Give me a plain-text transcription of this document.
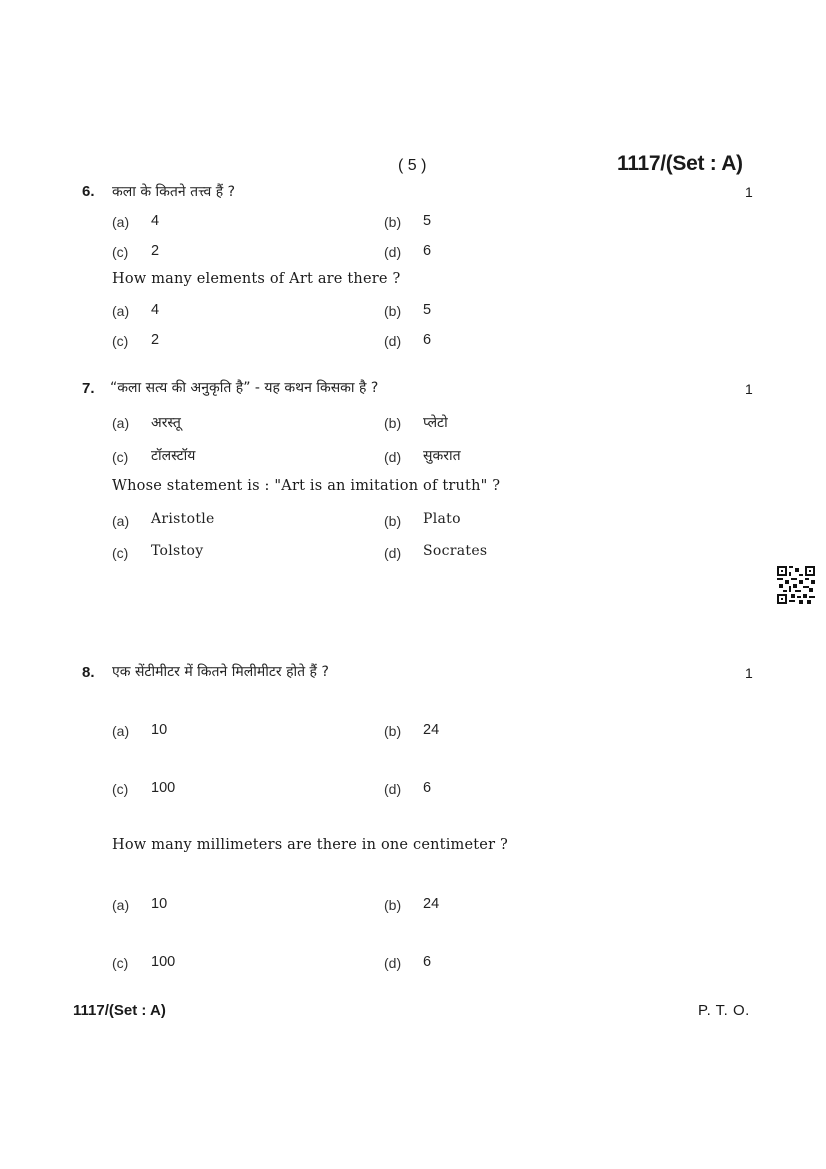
( 5 )	1117/(Set : A)
6. कला के कितने तत्त्व हैं ?	1
(a) 4	(b) 5
(c) 2	(d) 6
How many elements of Art are there ?
(a) 4	(b) 5
(c) 2	(d) 6
7. “कला सत्य की अनुकृति है” - यह कथन किसका है ?	1
(a) अरस्तू	(b) प्लेटो
(c) टॉलस्टॉय	(d) सुकरात
Whose statement is : "Art is an imitation of truth" ?
(a) Aristotle	(b) Plato
(c) Tolstoy	(d) Socrates
8. एक सेंटीमीटर में कितने मिलीमीटर होते हैं ?	1
(a) 10	(b) 24
(c) 100	(d) 6
How many millimeters are there in one centimeter ?
(a) 10	(b) 24
(c) 100	(d) 6
1117/(Set : A)	P. T. O.
